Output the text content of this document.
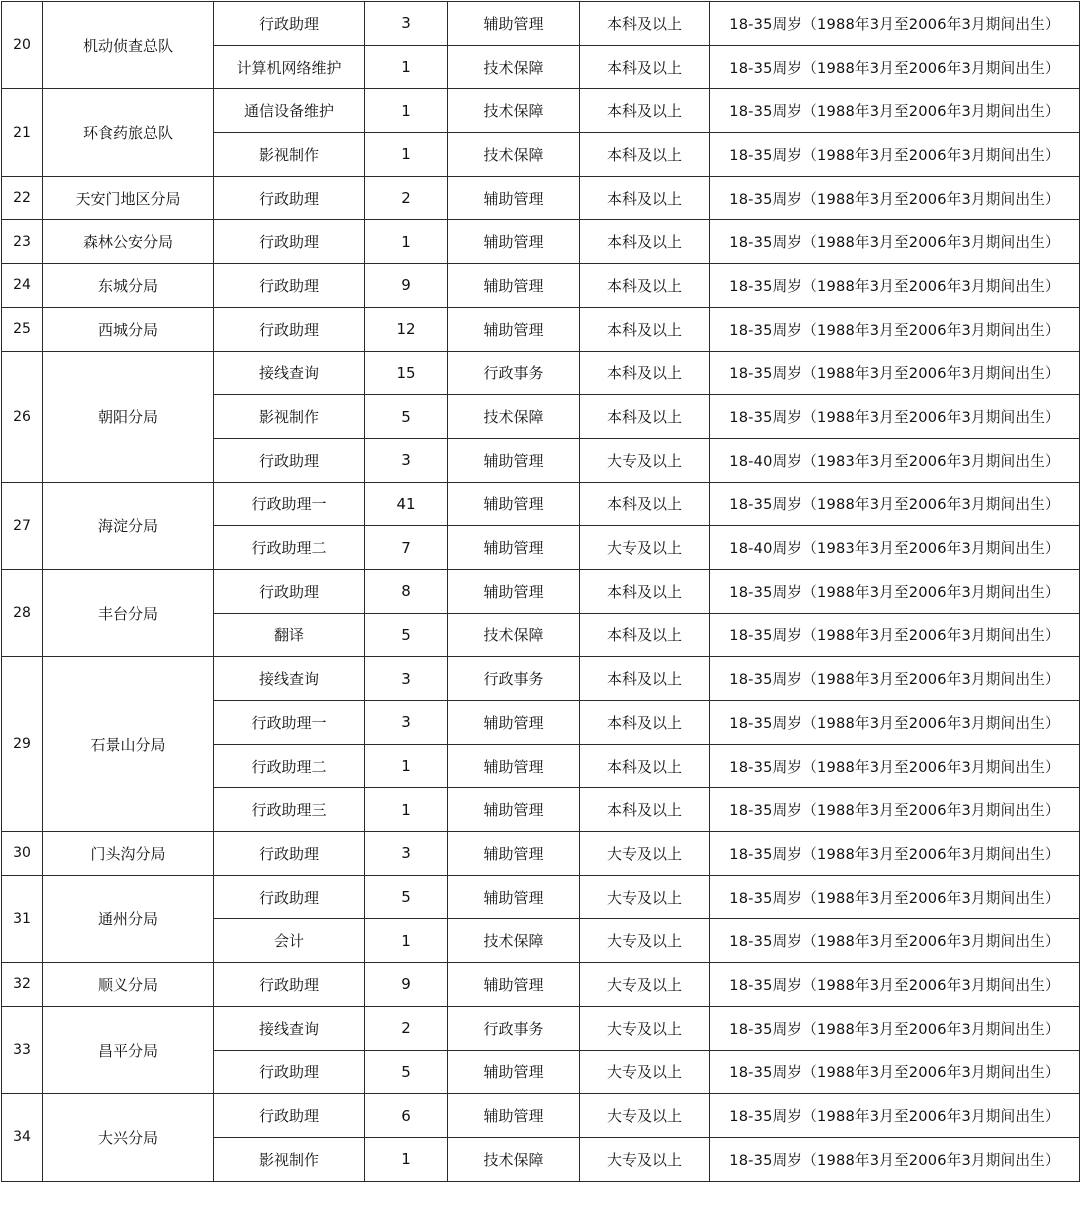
20	机动侦查总队	行政助理	3	辅助管理	本科及以上	18-35周岁（1988年3月至2006年3月期间出生）
		计算机网络维护	1	技术保障	本科及以上	18-35周岁（1988年3月至2006年3月期间出生）
21	环食药旅总队	通信设备维护	1	技术保障	本科及以上	18-35周岁（1988年3月至2006年3月期间出生）
		影视制作	1	技术保障	本科及以上	18-35周岁（1988年3月至2006年3月期间出生）
22	天安门地区分局	行政助理	2	辅助管理	本科及以上	18-35周岁（1988年3月至2006年3月期间出生）
23	森林公安分局	行政助理	1	辅助管理	本科及以上	18-35周岁（1988年3月至2006年3月期间出生）
24	东城分局	行政助理	9	辅助管理	本科及以上	18-35周岁（1988年3月至2006年3月期间出生）
25	西城分局	行政助理	12	辅助管理	本科及以上	18-35周岁（1988年3月至2006年3月期间出生）
26	朝阳分局	接线查询	15	行政事务	本科及以上	18-35周岁（1988年3月至2006年3月期间出生）
		影视制作	5	技术保障	本科及以上	18-35周岁（1988年3月至2006年3月期间出生）
		行政助理	3	辅助管理	大专及以上	18-40周岁（1983年3月至2006年3月期间出生）
27	海淀分局	行政助理一	41	辅助管理	本科及以上	18-35周岁（1988年3月至2006年3月期间出生）
		行政助理二	7	辅助管理	大专及以上	18-40周岁（1983年3月至2006年3月期间出生）
28	丰台分局	行政助理	8	辅助管理	本科及以上	18-35周岁（1988年3月至2006年3月期间出生）
		翻译	5	技术保障	本科及以上	18-35周岁（1988年3月至2006年3月期间出生）
29	石景山分局	接线查询	3	行政事务	本科及以上	18-35周岁（1988年3月至2006年3月期间出生）
		行政助理一	3	辅助管理	本科及以上	18-35周岁（1988年3月至2006年3月期间出生）
		行政助理二	1	辅助管理	本科及以上	18-35周岁（1988年3月至2006年3月期间出生）
		行政助理三	1	辅助管理	本科及以上	18-35周岁（1988年3月至2006年3月期间出生）
30	门头沟分局	行政助理	3	辅助管理	大专及以上	18-35周岁（1988年3月至2006年3月期间出生）
31	通州分局	行政助理	5	辅助管理	大专及以上	18-35周岁（1988年3月至2006年3月期间出生）
		会计	1	技术保障	大专及以上	18-35周岁（1988年3月至2006年3月期间出生）
32	顺义分局	行政助理	9	辅助管理	大专及以上	18-35周岁（1988年3月至2006年3月期间出生）
33	昌平分局	接线查询	2	行政事务	大专及以上	18-35周岁（1988年3月至2006年3月期间出生）
		行政助理	5	辅助管理	大专及以上	18-35周岁（1988年3月至2006年3月期间出生）
34	大兴分局	行政助理	6	辅助管理	大专及以上	18-35周岁（1988年3月至2006年3月期间出生）
		影视制作	1	技术保障	大专及以上	18-35周岁（1988年3月至2006年3月期间出生）
